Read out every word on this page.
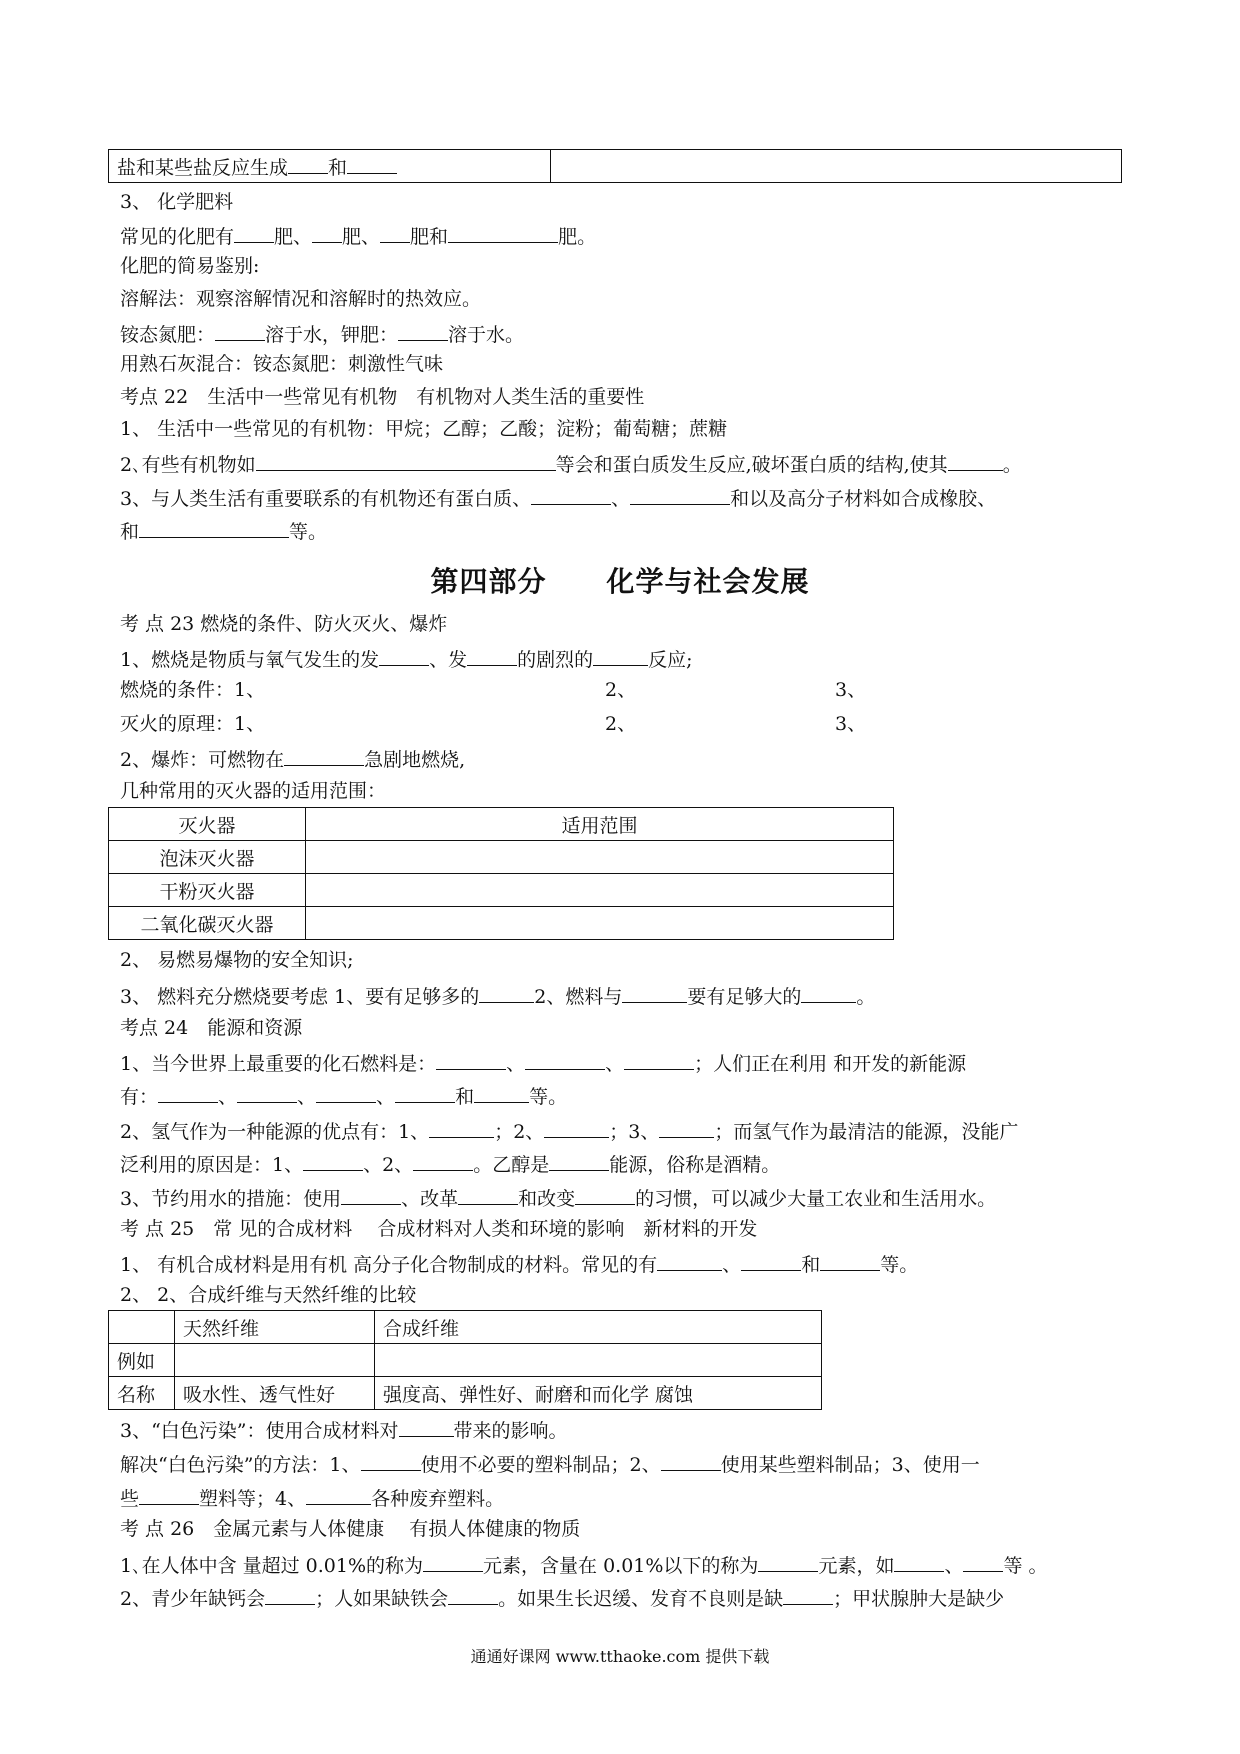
盐和某些盐反应生成 和	
3、 化学肥料
常见的化肥有 肥、 肥、 肥和	肥。
化肥的简易鉴别:
溶解法：观察溶解情况和溶解时的热效应。
铵态氮肥：	溶于水，钾肥：	溶于水。
用熟石灰混合：铵态氮肥：刺激性气味
考点 22　生活中一些常见有机物　有机物对人类生活的重要性
1、 生活中一些常见的有机物：甲烷；乙醇；乙酸；淀粉；葡萄糖；蔗糖
2､有些有机物如	等会和蛋白质发生反应,破坏蛋白质的结构,使其	。
3、与人类生活有重要联系的有机物还有蛋白质、	、	和以及高分子材料如合成橡胶、
和	等。
第四部分 化学与社会发展
考 点 23 燃烧的条件、防火灭火、爆炸
1、燃烧是物质与氧气发生的发	、发	的剧烈的	反应;
燃烧的条件：1、	2、	3、
灭火的原理：1、	2、	3、
2、爆炸：可燃物在	急剧地燃烧,
几种常用的灭火器的适用范围：
灭火器	适用范围
泡沫灭火器	
干粉灭火器	
二氧化碳灭火器	
2、 易燃易爆物的安全知识;
3、 燃料充分燃烧要考虑 1、要有足够多的	2、燃料与	要有足够大的	。
考点 24　能源和资源
1、当今世界上最重要的化石燃料是：	、	、	；人们正在利用 和开发的新能源
有：	、	、	、	和	等。
2、氢气作为一种能源的优点有：1、	；2、	；3、	；而氢气作为最清洁的能源，没能广
泛利用的原因是：1、	、2、	。乙醇是	能源，俗称是酒精。
3、节约用水的措施：使用	、改革	和改变	的习惯，可以减少大量工农业和生活用水。
考 点 25　常 见的合成材料　 合成材料对人类和环境的影响　新材料的开发
1、 有机合成材料是用有机 高分子化合物制成的材料。常见的有	、	和	等。
2、 2、合成纤维与天然纤维的比较
	天然纤维	合成纤维
例如		
名称	吸水性、透气性好	强度高、弹性好、耐磨和而化学 腐蚀
3、“白色污染”：使用合成材料对	带来的影响。
解决“白色污染”的方法：1、	使用不必要的塑料制品；2、	使用某些塑料制品；3、使用一
些	塑料等；4、	各种废弃塑料。
考 点 26　金属元素与人体健康　 有损人体健康的物质
1､在人体中含 量超过 0.01%的称为	元素，含量在 0.01%以下的称为	元素，如	、 等 。
2、青少年缺钙会	；人如果缺铁会	。如果生长迟缓、发育不良则是缺	；甲状腺肿大是缺少
通通好课网 www.tthaoke.com 提供下载
